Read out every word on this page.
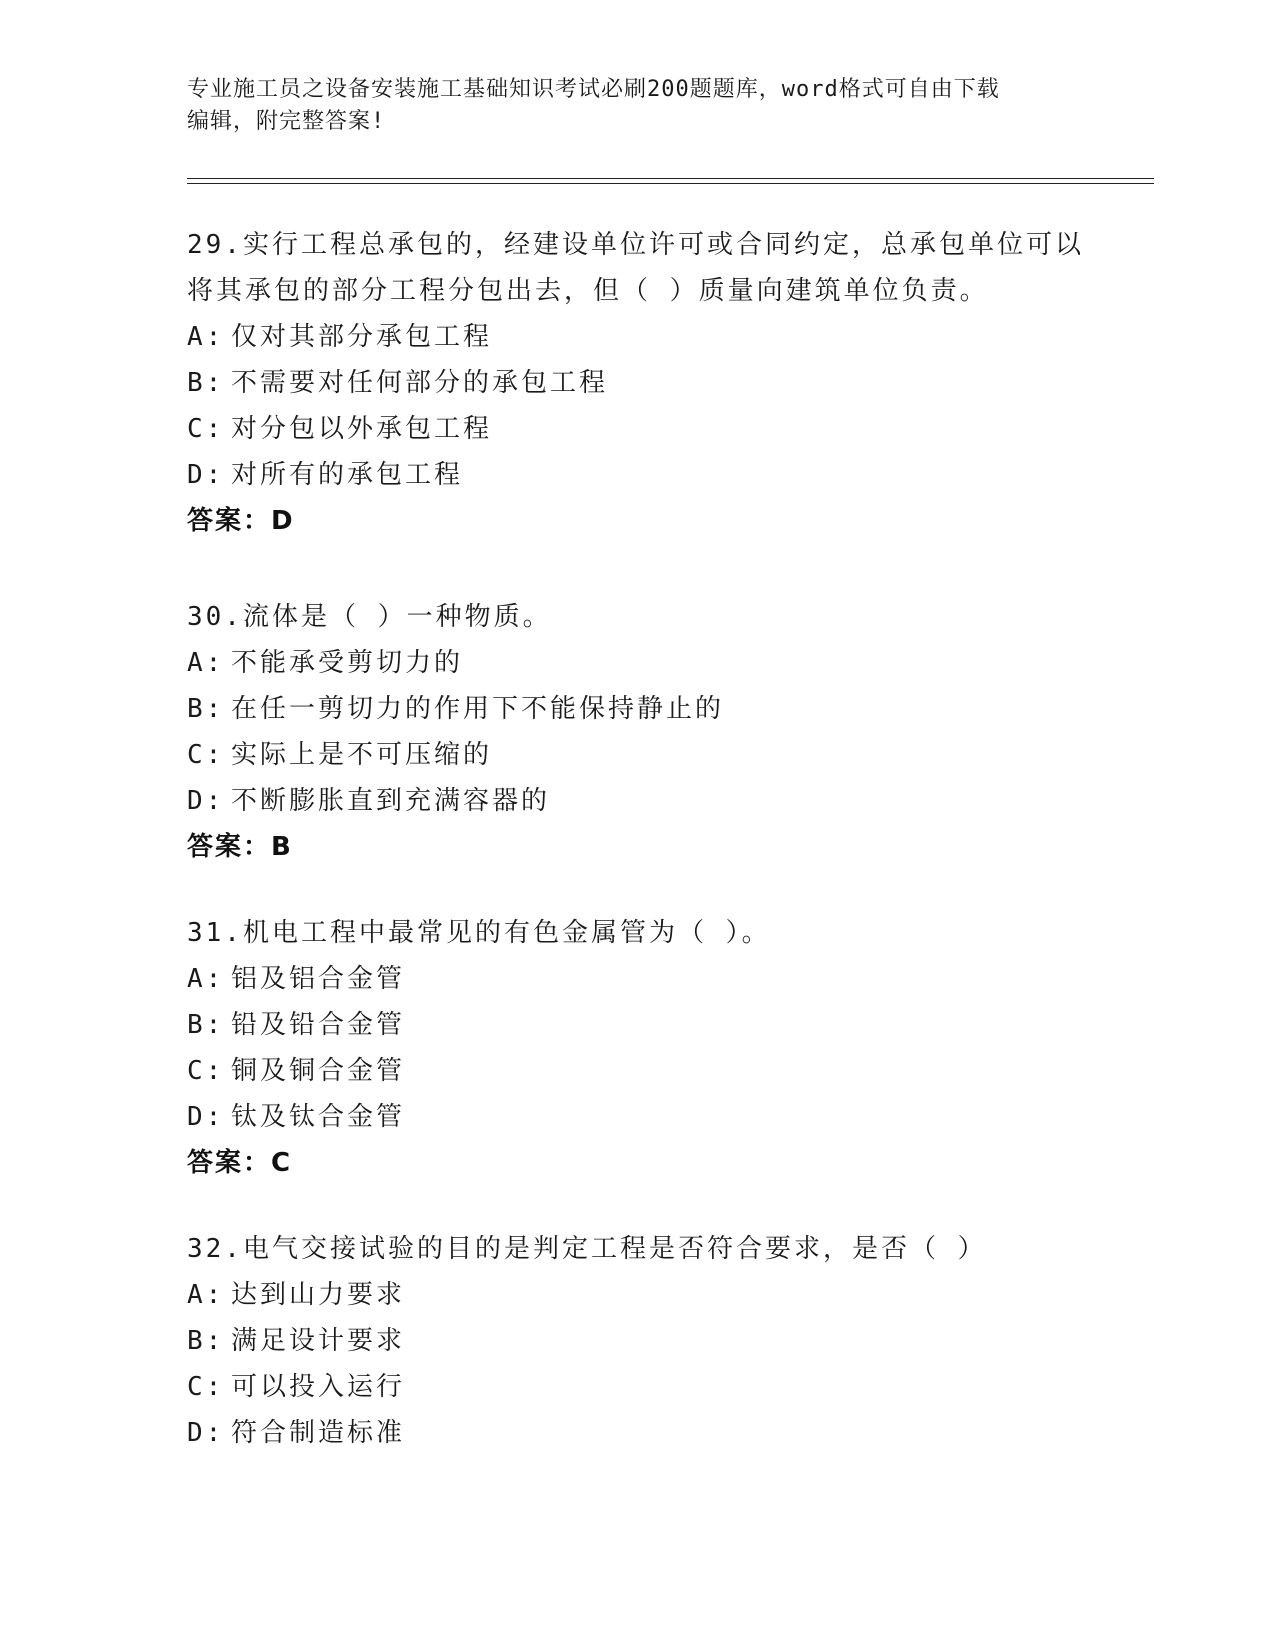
专业施工员之设备安装施工基础知识考试必刷200题题库，word格式可自由下载
编辑，附完整答案!

29.实行工程总承包的，经建设单位许可或合同约定，总承包单位可以

将其承包的部分工程分包出去，但（ ）质量向建筑单位负责。

A: 仅对其部分承包工程

B: 不需要对任何部分的承包工程

C: 对分包以外承包工程

D: 对所有的承包工程

答案：D

30.流体是（ ）一种物质。

A: 不能承受剪切力的

B: 在任一剪切力的作用下不能保持静止的

C: 实际上是不可压缩的

D: 不断膨胀直到充满容器的

答案：B

31.机电工程中最常见的有色金属管为（ ）。

A: 铝及铝合金管

B: 铅及铅合金管

C: 铜及铜合金管

D: 钛及钛合金管

答案：C

32.电气交接试验的目的是判定工程是否符合要求，是否（ ）

A: 达到山力要求

B: 满足设计要求

C: 可以投入运行

D: 符合制造标准
